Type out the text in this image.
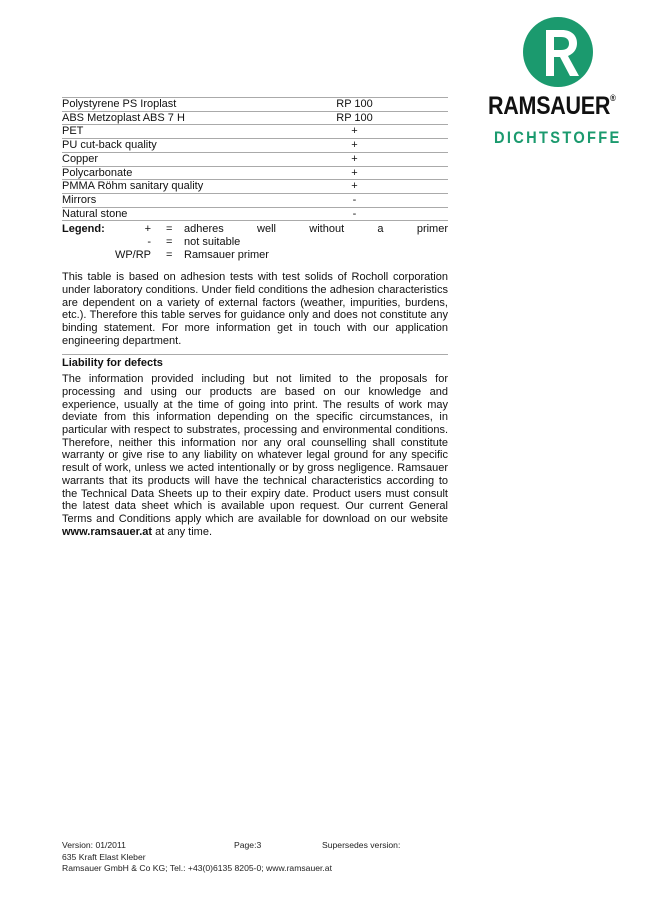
RAMSAUER®
DICHTSTOFFE
Polystyrene PS Iroplast	RP 100	
ABS Metzoplast ABS 7 H	RP 100	
PET	+	
PU cut-back quality	+	
Copper	+	
Polycarbonate	+	
PMMA Röhm sanitary quality	+	
Mirrors	-	
Natural stone	-	
Legend:	+ = adheres	well	without	a	primer
- = not suitable
WP/RP = Ramsauer primer

This table is based on adhesion tests with test solids of Rocholl corporation under laboratory conditions. Under field conditions the adhesion characteristics are dependent on a variety of external factors (weather, impurities, burdens, etc.). Therefore this table serves for guidance only and does not constitute any binding statement. For more information get in touch with our application engineering department.

Liability for defects

The information provided including but not limited to the proposals for processing and using our products are based on our knowledge and experience, usually at the time of going into print. The results of work may deviate from this information depending on the specific circumstances, in particular with respect to substrates, processing and environmental conditions. Therefore, neither this information nor any oral counselling shall constitute warranty or give rise to any liability on whatever legal ground for any specific result of work, unless we acted intentionally or by gross negligence. Ramsauer warrants that its products will have the technical characteristics according to the Technical Data Sheets up to their expiry date. Product users must consult the latest data sheet which is available upon request. Our current General Terms and Conditions apply which are available for download on our website www.ramsauer.at at any time.

Version: 01/2011	Page:3	Supersedes version:
635 Kraft Elast Kleber
Ramsauer GmbH & Co KG; Tel.: +43(0)6135 8205-0; www.ramsauer.at
